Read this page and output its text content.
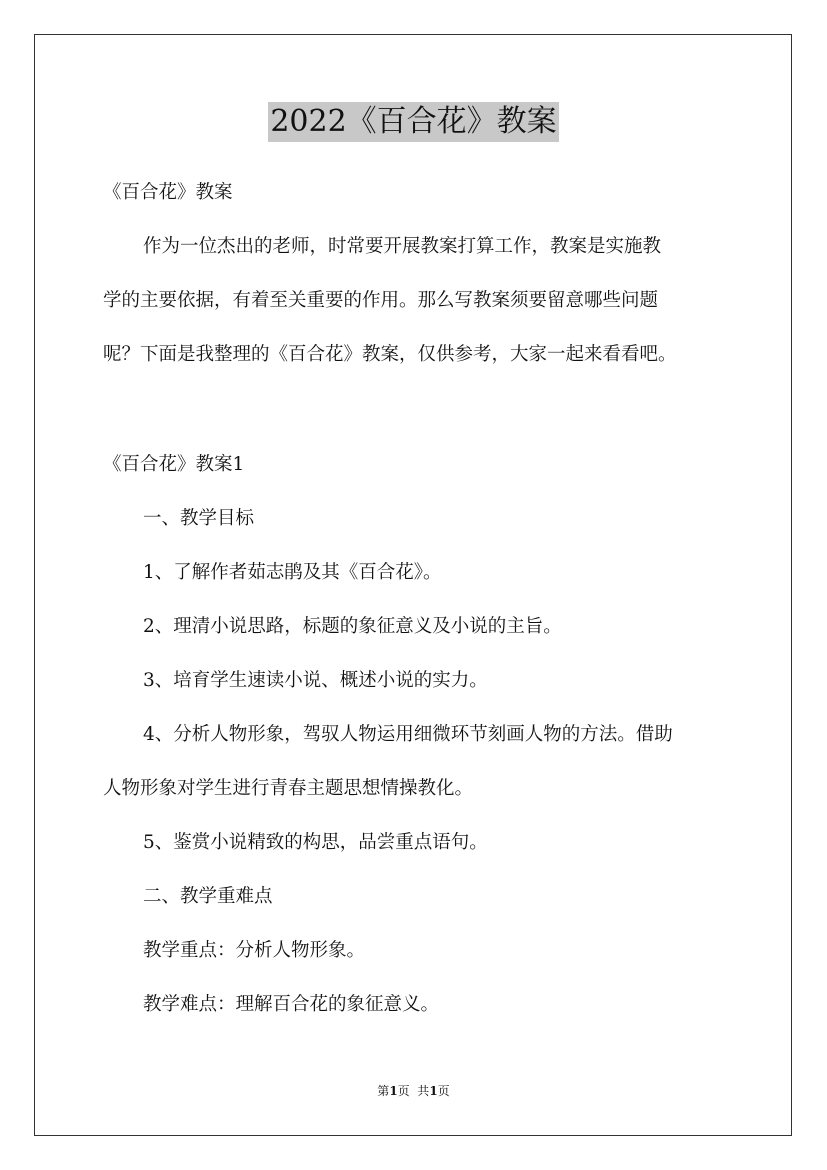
2022《百合花》教案
《百合花》教案
作为一位杰出的老师，时常要开展教案打算工作，教案是实施教
学的主要依据，有着至关重要的作用。那么写教案须要留意哪些问题
呢？下面是我整理的《百合花》教案，仅供参考，大家一起来看看吧。
《百合花》教案1
一、教学目标
1、了解作者茹志鹃及其《百合花》。
2、理清小说思路，标题的象征意义及小说的主旨。
3、培育学生速读小说、概述小说的实力。
4、分析人物形象，驾驭人物运用细微环节刻画人物的方法。借助
人物形象对学生进行青春主题思想情操教化。
5、鉴赏小说精致的构思，品尝重点语句。
二、教学重难点
教学重点：分析人物形象。
教学难点：理解百合花的象征意义。
第1页  共1页
